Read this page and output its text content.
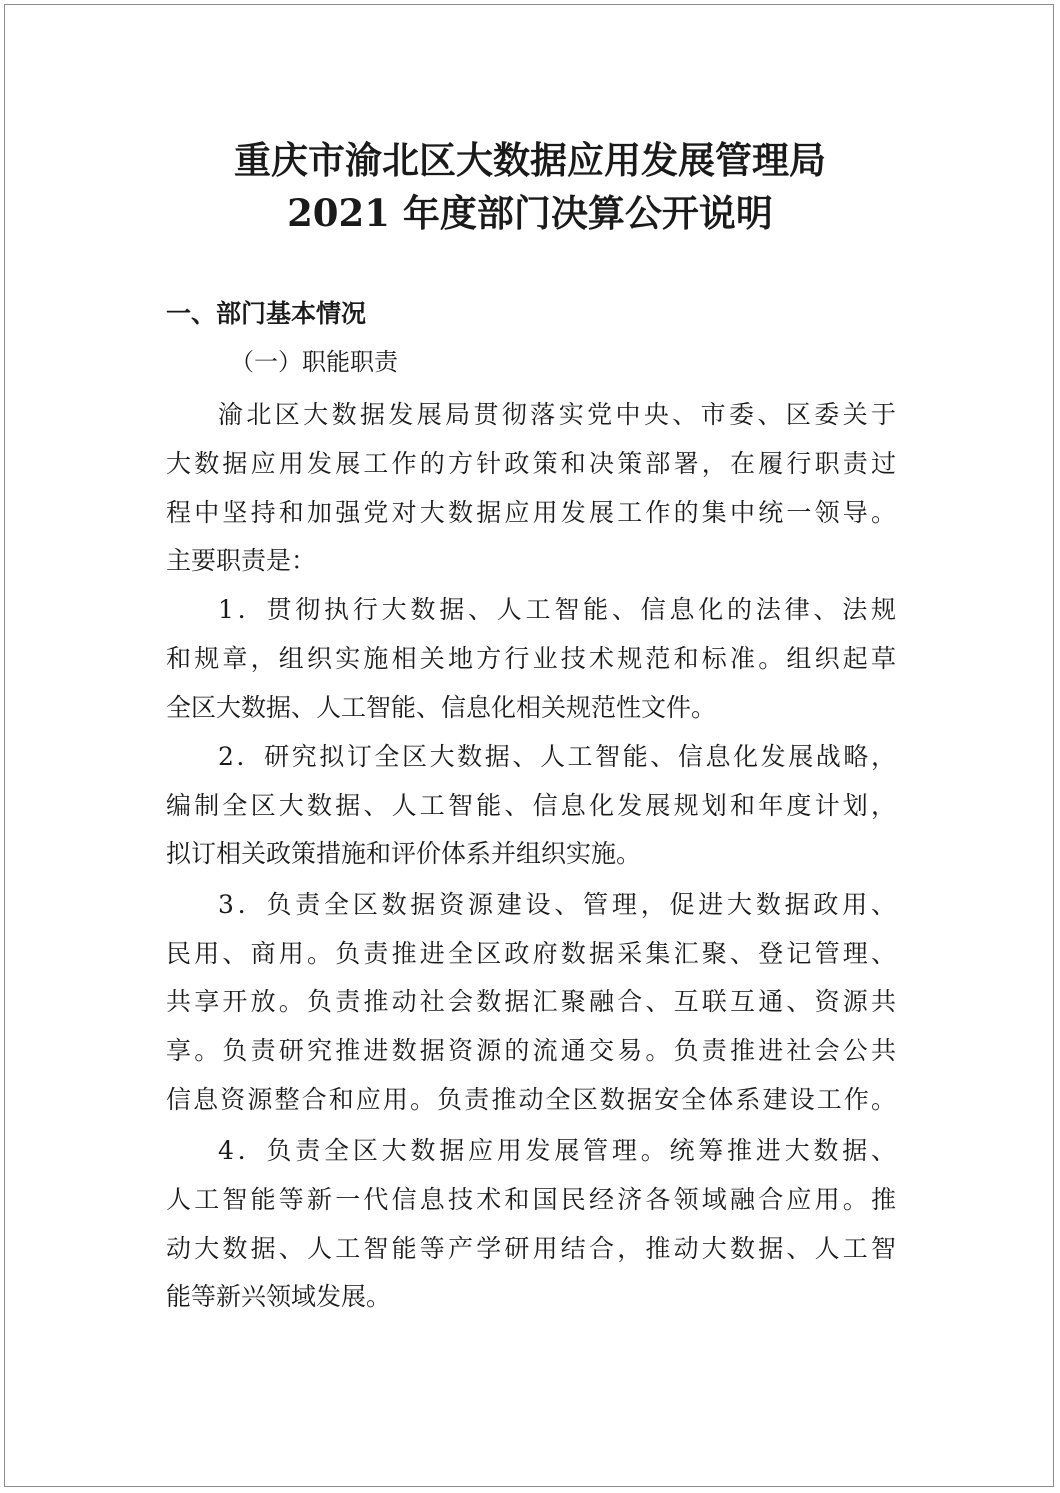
重庆市渝北区大数据应用发展管理局
2021 年度部门决算公开说明
一、部门基本情况
（一）职能职责
渝北区大数据发展局贯彻落实党中央、市委、区委关于
大数据应用发展工作的方针政策和决策部署，在履行职责过
程中坚持和加强党对大数据应用发展工作的集中统一领导。
主要职责是：
1．贯彻执行大数据、人工智能、信息化的法律、法规
和规章，组织实施相关地方行业技术规范和标准。组织起草
全区大数据、人工智能、信息化相关规范性文件。
2．研究拟订全区大数据、人工智能、信息化发展战略，
编制全区大数据、人工智能、信息化发展规划和年度计划，
拟订相关政策措施和评价体系并组织实施。
3．负责全区数据资源建设、管理，促进大数据政用、
民用、商用。负责推进全区政府数据采集汇聚、登记管理、
共享开放。负责推动社会数据汇聚融合、互联互通、资源共
享。负责研究推进数据资源的流通交易。负责推进社会公共
信息资源整合和应用。负责推动全区数据安全体系建设工作。
4．负责全区大数据应用发展管理。统筹推进大数据、
人工智能等新一代信息技术和国民经济各领域融合应用。推
动大数据、人工智能等产学研用结合，推动大数据、人工智
能等新兴领域发展。
